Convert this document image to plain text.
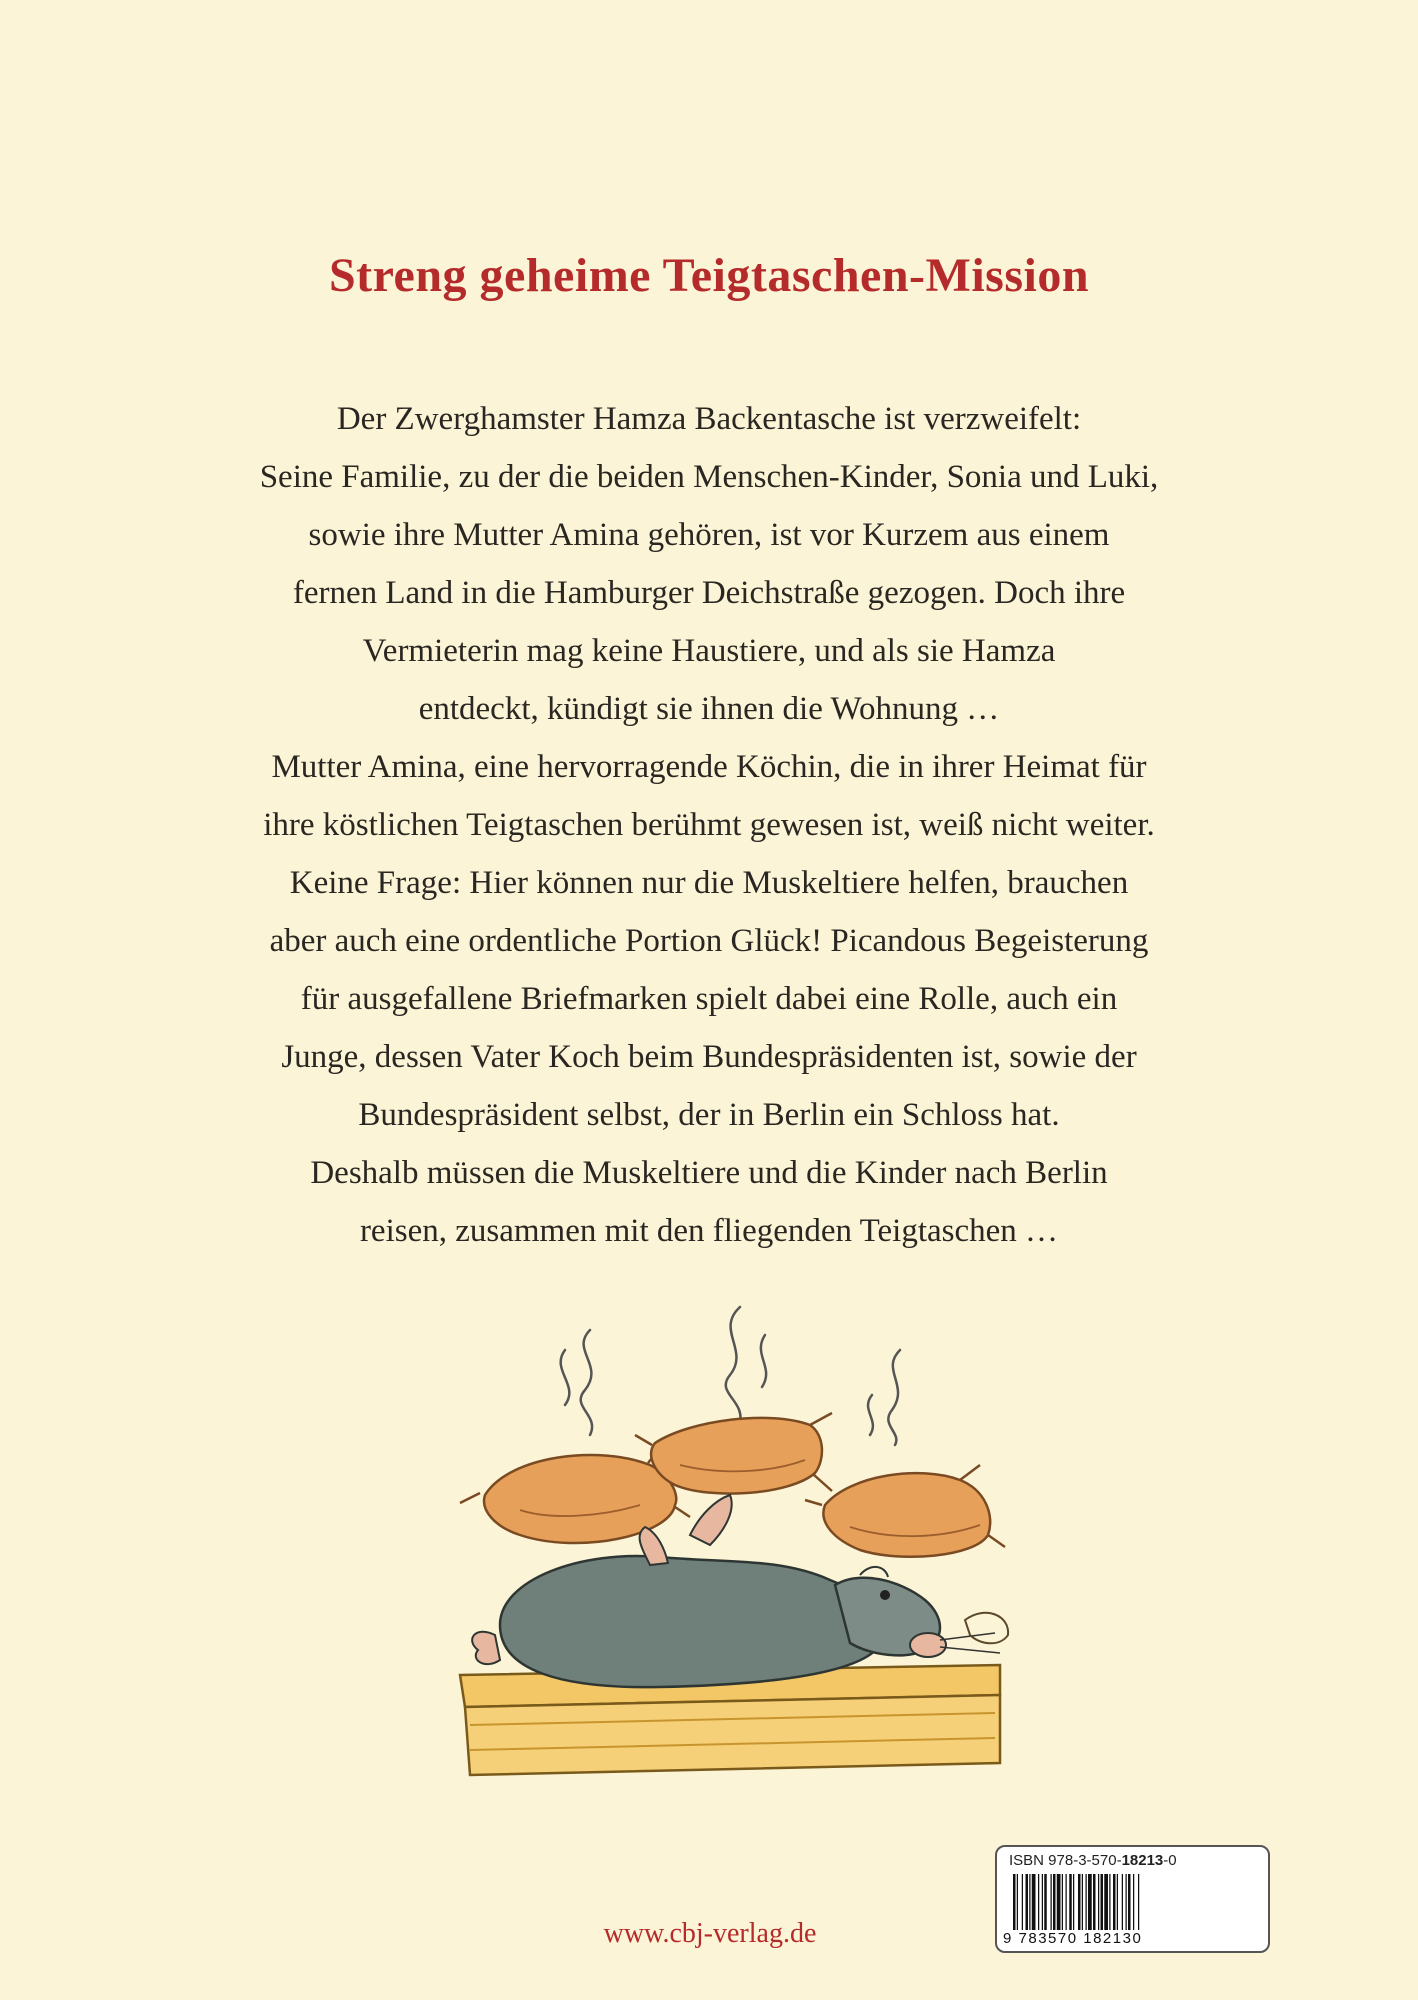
Streng geheime Teigtaschen-Mission
Der Zwerghamster Hamza Backentasche ist verzweifelt:
Seine Familie, zu der die beiden Menschen-Kinder, Sonia und Luki,
sowie ihre Mutter Amina gehören, ist vor Kurzem aus einem
fernen Land in die Hamburger Deichstraße gezogen. Doch ihre
Vermieterin mag keine Haustiere, und als sie Hamza
entdeckt, kündigt sie ihnen die Wohnung …
Mutter Amina, eine hervorragende Köchin, die in ihrer Heimat für
ihre köstlichen Teigtaschen berühmt gewesen ist, weiß nicht weiter.
Keine Frage: Hier können nur die Muskeltiere helfen, brauchen
aber auch eine ordentliche Portion Glück! Picandous Begeisterung
für ausgefallene Briefmarken spielt dabei eine Rolle, auch ein
Junge, dessen Vater Koch beim Bundespräsidenten ist, sowie der
Bundespräsident selbst, der in Berlin ein Schloss hat.
Deshalb müssen die Muskeltiere und die Kinder nach Berlin
reisen, zusammen mit den fliegenden Teigtaschen …
www.cbj-verlag.de
ISBN 978-3-570-18213-0
9 783570 182130
